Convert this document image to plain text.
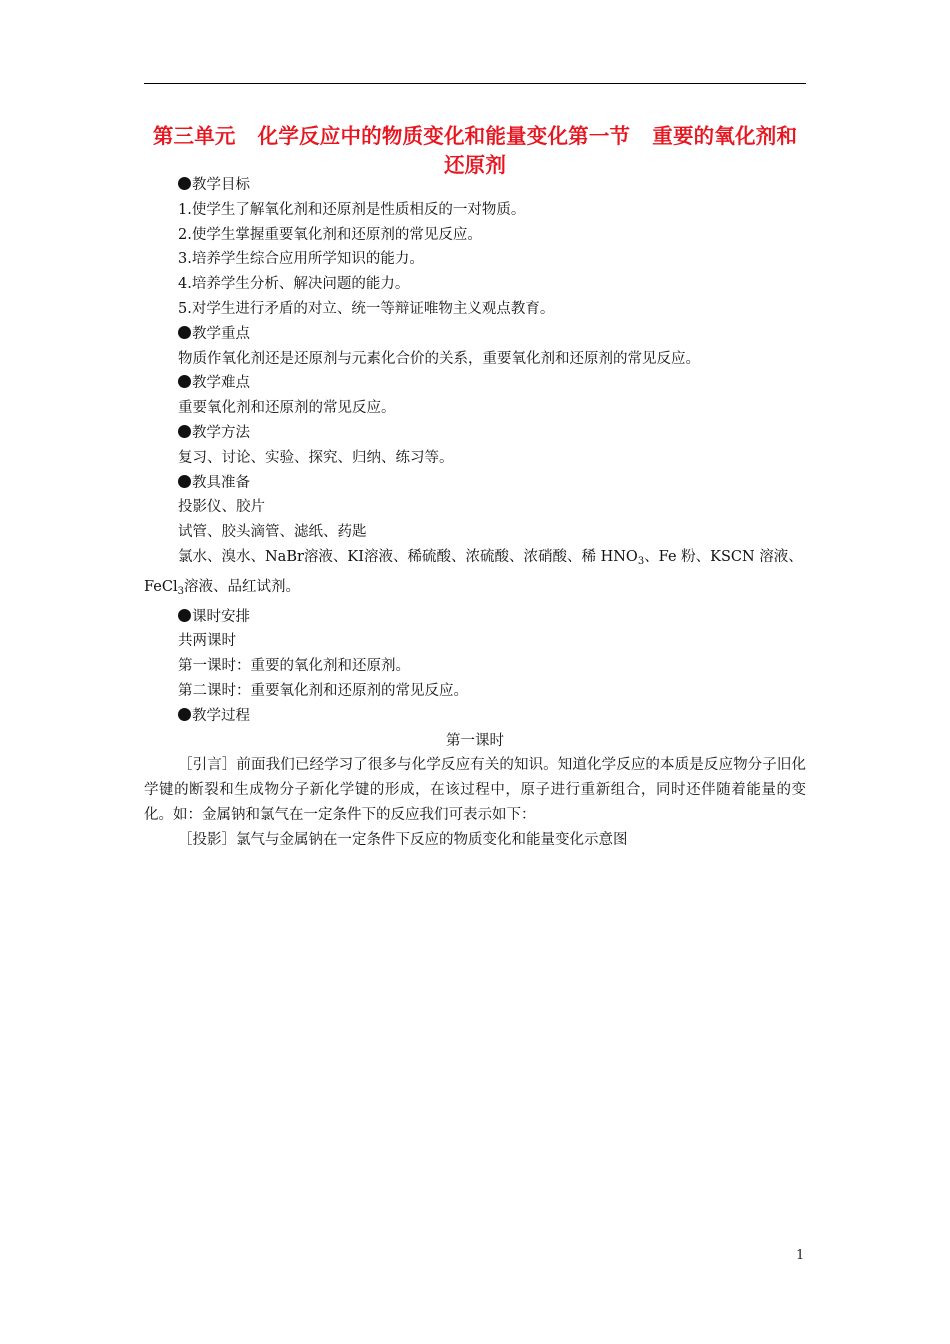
第三单元 化学反应中的物质变化和能量变化第一节 重要的氧化剂和还原剂

教学目标

1.使学生了解氧化剂和还原剂是性质相反的一对物质。

2.使学生掌握重要氧化剂和还原剂的常见反应。

3.培养学生综合应用所学知识的能力。

4.培养学生分析、解决问题的能力。

5.对学生进行矛盾的对立、统一等辩证唯物主义观点教育。

教学重点

物质作氧化剂还是还原剂与元素化合价的关系，重要氧化剂和还原剂的常见反应。

教学难点

重要氧化剂和还原剂的常见反应。

教学方法

复习、讨论、实验、探究、归纳、练习等。

教具准备

投影仪、胶片

试管、胶头滴管、滤纸、药匙

氯水、溴水、NaBr溶液、KI溶液、稀硫酸、浓硫酸、浓硝酸、稀 $HNO_3$、Fe 粉、KSCN 溶液、

FeCl$_3$溶液、品红试剂。

课时安排

共两课时

第一课时：重要的氧化剂和还原剂。

第二课时：重要氧化剂和还原剂的常见反应。

教学过程

第一课时

［引言］前面我们已经学习了很多与化学反应有关的知识。知道化学反应的本质是反应物分子旧化学键的断裂和生成物分子新化学键的形成，在该过程中，原子进行重新组合，同时还伴随着能量的变化。如：金属钠和氯气在一定条件下的反应我们可表示如下：

［投影］氯气与金属钠在一定条件下反应的物质变化和能量变化示意图

1
